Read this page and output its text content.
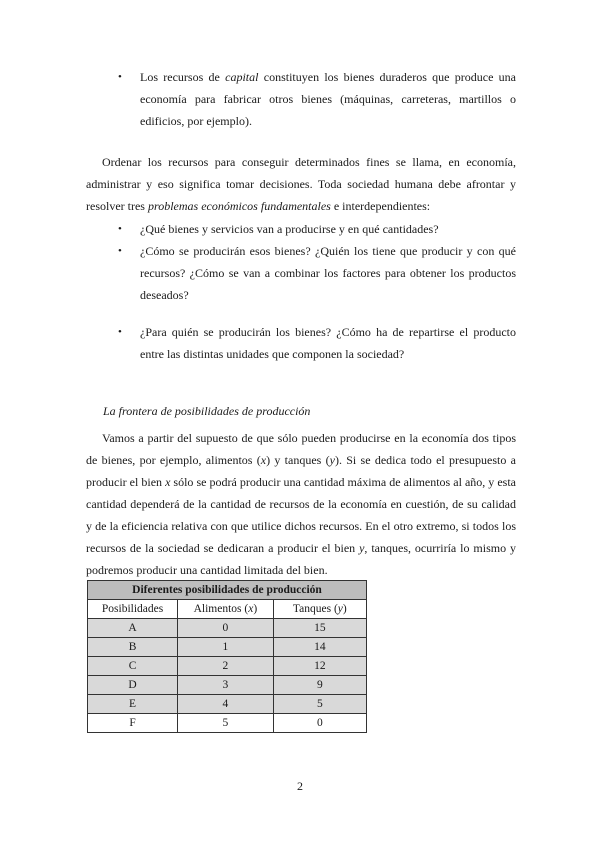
• Los recursos de capital constituyen los bienes duraderos que produce una economía para fabricar otros bienes (máquinas, carreteras, martillos o edificios, por ejemplo).
Ordenar los recursos para conseguir determinados fines se llama, en economía, administrar y eso significa tomar decisiones. Toda sociedad humana debe afrontar y resolver tres problemas económicos fundamentales e interdependientes:
• ¿Qué bienes y servicios van a producirse y en qué cantidades?
• ¿Cómo se producirán esos bienes? ¿Quién los tiene que producir y con qué recursos? ¿Cómo se van a combinar los factores para obtener los productos deseados?
• ¿Para quién se producirán los bienes? ¿Cómo ha de repartirse el producto entre las distintas unidades que componen la sociedad?
La frontera de posibilidades de producción
Vamos a partir del supuesto de que sólo pueden producirse en la economía dos tipos de bienes, por ejemplo, alimentos (x) y tanques (y). Si se dedica todo el presupuesto a producir el bien x sólo se podrá producir una cantidad máxima de alimentos al año, y esta cantidad dependerá de la cantidad de recursos de la economía en cuestión, de su calidad y de la eficiencia relativa con que utilice dichos recursos. En el otro extremo, si todos los recursos de la sociedad se dedicaran a producir el bien y, tanques, ocurriría lo mismo y podremos producir una cantidad limitada del bien.
Diferentes posibilidades de producción		
Posibilidades	Alimentos (x)	Tanques (y)
A	0	15
B	1	14
C	2	12
D	3	9
E	4	5
F	5	0
2
